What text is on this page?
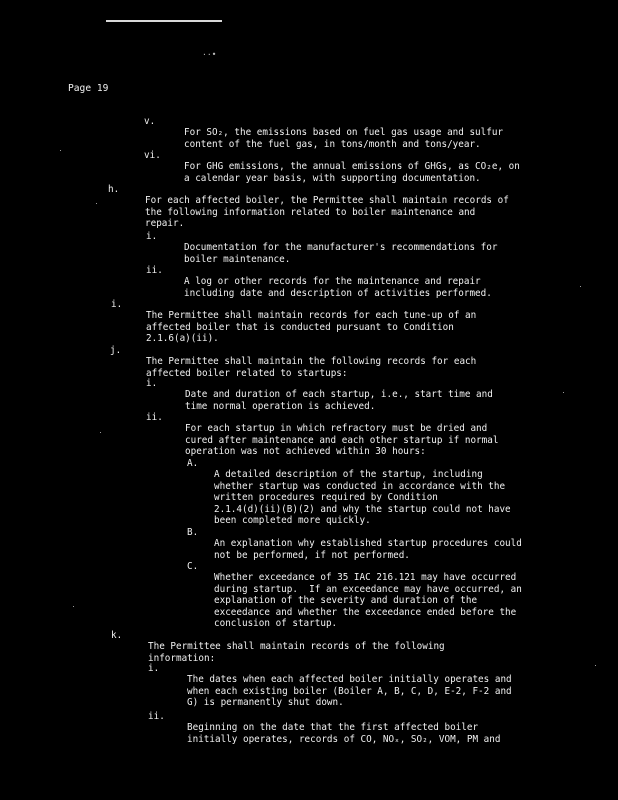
··•
Page 19
v.

For SO₂, the emissions based on fuel gas usage and sulfur
content of the fuel gas, in tons/month and tons/year.

vi.

For GHG emissions, the annual emissions of GHGs, as CO₂e, on
a calendar year basis, with supporting documentation.

h.

For each affected boiler, the Permittee shall maintain records of
the following information related to boiler maintenance and
repair.

i.

Documentation for the manufacturer's recommendations for
boiler maintenance.

ii.

A log or other records for the maintenance and repair
including date and description of activities performed.

i.

The Permittee shall maintain records for each tune-up of an
affected boiler that is conducted pursuant to Condition
2.1.6(a)(ii).

j.

The Permittee shall maintain the following records for each
affected boiler related to startups:

i.

Date and duration of each startup, i.e., start time and
time normal operation is achieved.

ii.

For each startup in which refractory must be dried and
cured after maintenance and each other startup if normal
operation was not achieved within 30 hours:

A.

A detailed description of the startup, including
whether startup was conducted in accordance with the
written procedures required by Condition
2.1.4(d)(ii)(B)(2) and why the startup could not have
been completed more quickly.

B.

An explanation why established startup procedures could
not be performed, if not performed.

C.

Whether exceedance of 35 IAC 216.121 may have occurred
during startup.  If an exceedance may have occurred, an
explanation of the severity and duration of the
exceedance and whether the exceedance ended before the
conclusion of startup.

k.

The Permittee shall maintain records of the following
information:

i.

The dates when each affected boiler initially operates and
when each existing boiler (Boiler A, B, C, D, E-2, F-2 and
G) is permanently shut down.

ii.

Beginning on the date that the first affected boiler
initially operates, records of CO, NOₓ, SO₂, VOM, PM and
